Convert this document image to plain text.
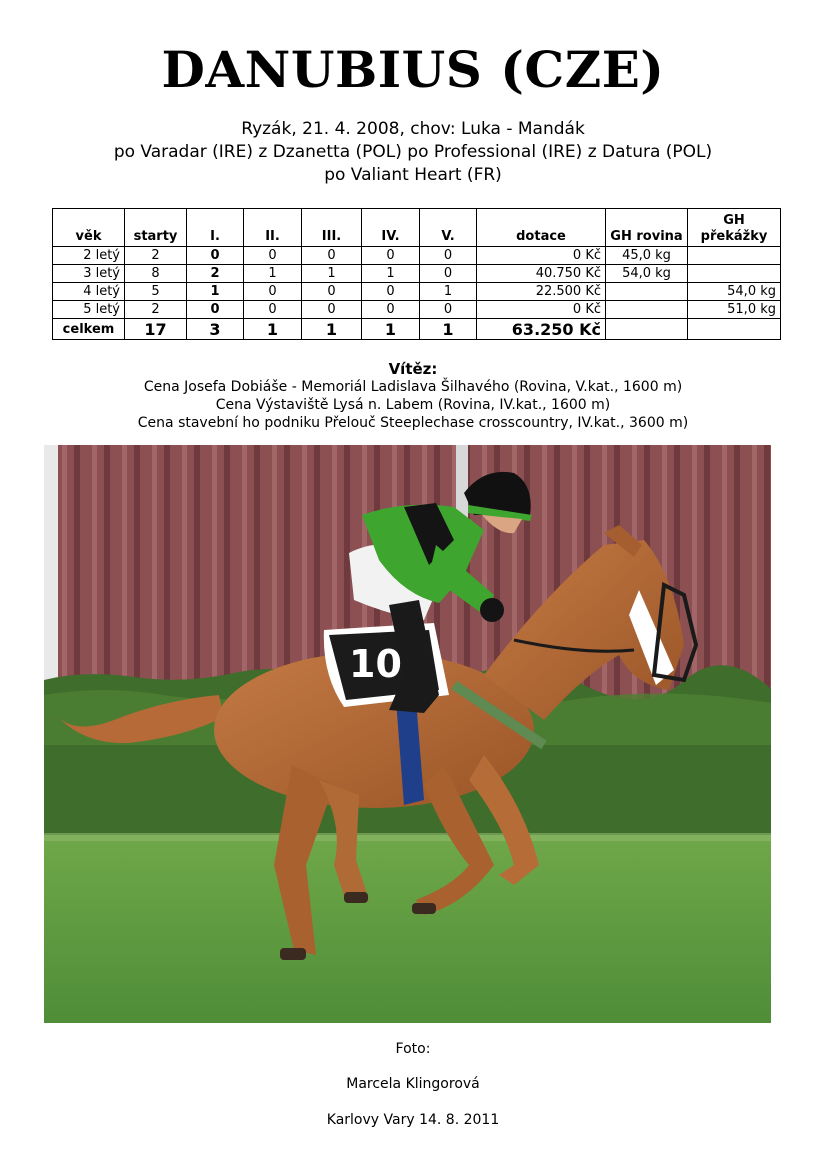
DANUBIUS (CZE)
Ryzák, 21. 4. 2008, chov: Luka - Mandák
po Varadar (IRE) z Dzanetta (POL) po Professional (IRE) z Datura (POL)
po Valiant Heart (FR)
věk	starty	I.	II.	III.	IV.	V.	dotace	GH rovina	GH překážky
2 letý	2	0	0	0	0	0	0 Kč	45,0 kg	
3 letý	8	2	1	1	1	0	40.750 Kč	54,0 kg	
4 letý	5	1	0	0	0	1	22.500 Kč		54,0 kg
5 letý	2	0	0	0	0	0	0 Kč		51,0 kg
celkem	17	3	1	1	1	1	63.250 Kč		
Vítěz:
Cena Josefa Dobiáše - Memoriál Ladislava Šilhavého (Rovina, V.kat., 1600 m)
Cena Výstaviště Lysá n. Labem (Rovina, IV.kat., 1600 m)
Cena stavební ho podniku Přelouč Steeplechase crosscountry, IV.kat., 3600 m)
10
Foto:
Marcela Klingorová
Karlovy Vary 14. 8. 2011
